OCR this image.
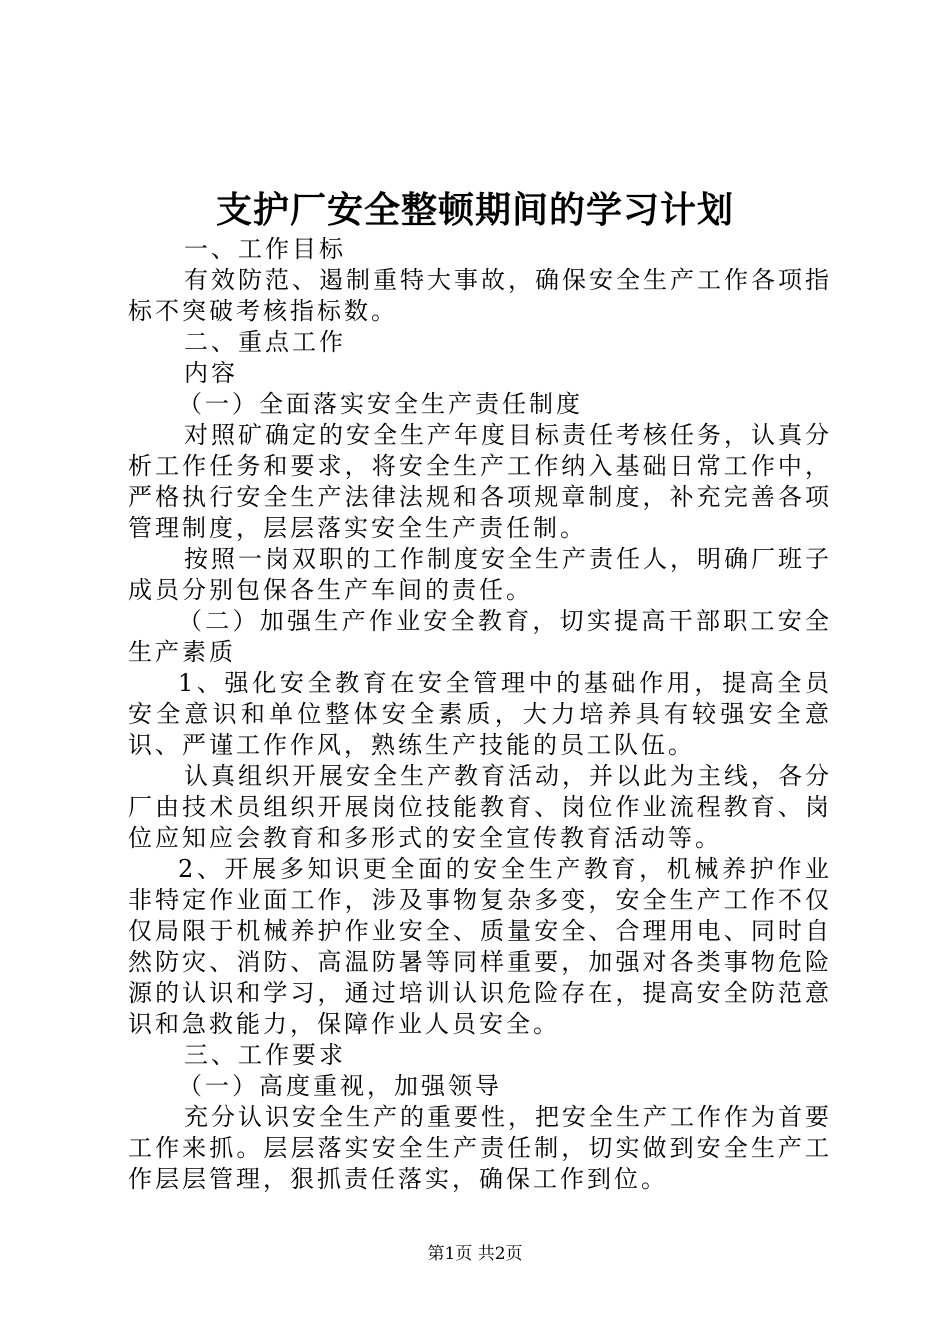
支护厂安全整顿期间的学习计划

一、工作目标

有效防范、遏制重特大事故，确保安全生产工作各项指标不突破考核指标数。

二、重点工作

内容

（一）全面落实安全生产责任制度

对照矿确定的安全生产年度目标责任考核任务，认真分析工作任务和要求，将安全生产工作纳入基础日常工作中，严格执行安全生产法律法规和各项规章制度，补充完善各项管理制度，层层落实安全生产责任制。

按照一岗双职的工作制度安全生产责任人，明确厂班子成员分别包保各生产车间的责任。

（二）加强生产作业安全教育，切实提高干部职工安全生产素质

1、强化安全教育在安全管理中的基础作用，提高全员安全意识和单位整体安全素质，大力培养具有较强安全意识、严谨工作作风，熟练生产技能的员工队伍。

认真组织开展安全生产教育活动，并以此为主线，各分厂由技术员组织开展岗位技能教育、岗位作业流程教育、岗位应知应会教育和多形式的安全宣传教育活动等。

2、开展多知识更全面的安全生产教育，机械养护作业非特定作业面工作，涉及事物复杂多变，安全生产工作不仅仅局限于机械养护作业安全、质量安全、合理用电、同时自然防灾、消防、高温防暑等同样重要，加强对各类事物危险源的认识和学习，通过培训认识危险存在，提高安全防范意识和急救能力，保障作业人员安全。

三、工作要求

（一）高度重视，加强领导

充分认识安全生产的重要性，把安全生产工作作为首要工作来抓。层层落实安全生产责任制，切实做到安全生产工作层层管理，狠抓责任落实，确保工作到位。

第1页 共2页
